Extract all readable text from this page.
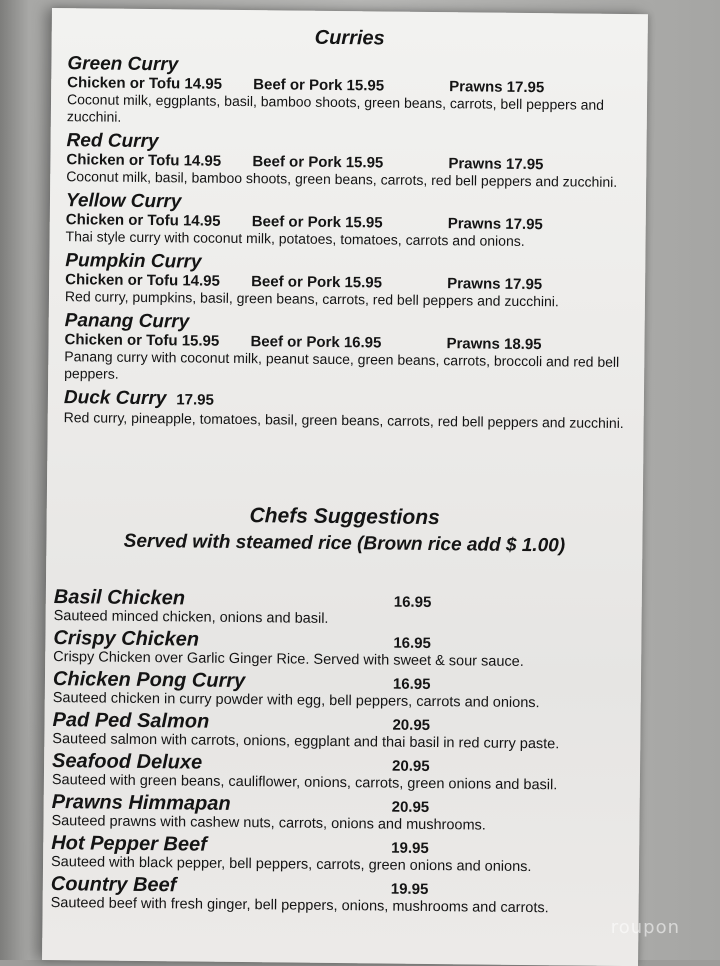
Curries
Green Curry
Chicken or Tofu 14.95	Beef or Pork 15.95	Prawns 17.95
Coconut milk, eggplants, basil, bamboo shoots, green beans, carrots, bell peppers and zucchini.
Red Curry
Chicken or Tofu 14.95	Beef or Pork 15.95	Prawns 17.95
Coconut milk, basil, bamboo shoots, green beans, carrots, red bell peppers and zucchini.
Yellow Curry
Chicken or Tofu 14.95	Beef or Pork 15.95	Prawns 17.95
Thai style curry with coconut milk, potatoes, tomatoes, carrots and onions.
Pumpkin Curry
Chicken or Tofu 14.95	Beef or Pork 15.95	Prawns 17.95
Red curry, pumpkins, basil, green beans, carrots, red bell peppers and zucchini.
Panang Curry
Chicken or Tofu 15.95	Beef or Pork 16.95	Prawns 18.95
Panang curry with coconut milk, peanut sauce, green beans, carrots, broccoli and red bell peppers.
Duck Curry 17.95
Red curry, pineapple, tomatoes, basil, green beans, carrots, red bell peppers and zucchini.
Chefs Suggestions

Served with steamed rice (Brown rice add $ 1.00)

Basil Chicken	16.95
Sauteed minced chicken, onions and basil.
Crispy Chicken	16.95
Crispy Chicken over Garlic Ginger Rice. Served with sweet & sour sauce.
Chicken Pong Curry	16.95
Sauteed chicken in curry powder with egg, bell peppers, carrots and onions.
Pad Ped Salmon	20.95
Sauteed salmon with carrots, onions, eggplant and thai basil in red curry paste.
Seafood Deluxe	20.95
Sauteed with green beans, cauliflower, onions, carrots, green onions and basil.
Prawns Himmapan	20.95
Sauteed prawns with cashew nuts, carrots, onions and mushrooms.
Hot Pepper Beef	19.95
Sauteed with black pepper, bell peppers, carrots, green onions and onions.
Country Beef	19.95
Sauteed beef with fresh ginger, bell peppers, onions, mushrooms and carrots.
roupon
